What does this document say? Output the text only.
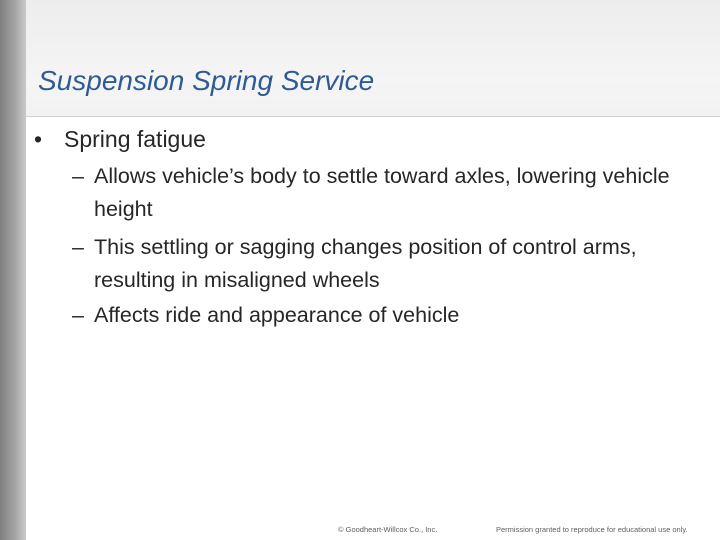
Suspension Spring Service
• Spring fatigue
– Allows vehicle’s body to settle toward axles, lowering vehicle height
– This settling or sagging changes position of control arms, resulting in misaligned wheels
– Affects ride and appearance of vehicle
© Goodheart-Willcox Co., Inc.	Permission granted to reproduce for educational use only.
